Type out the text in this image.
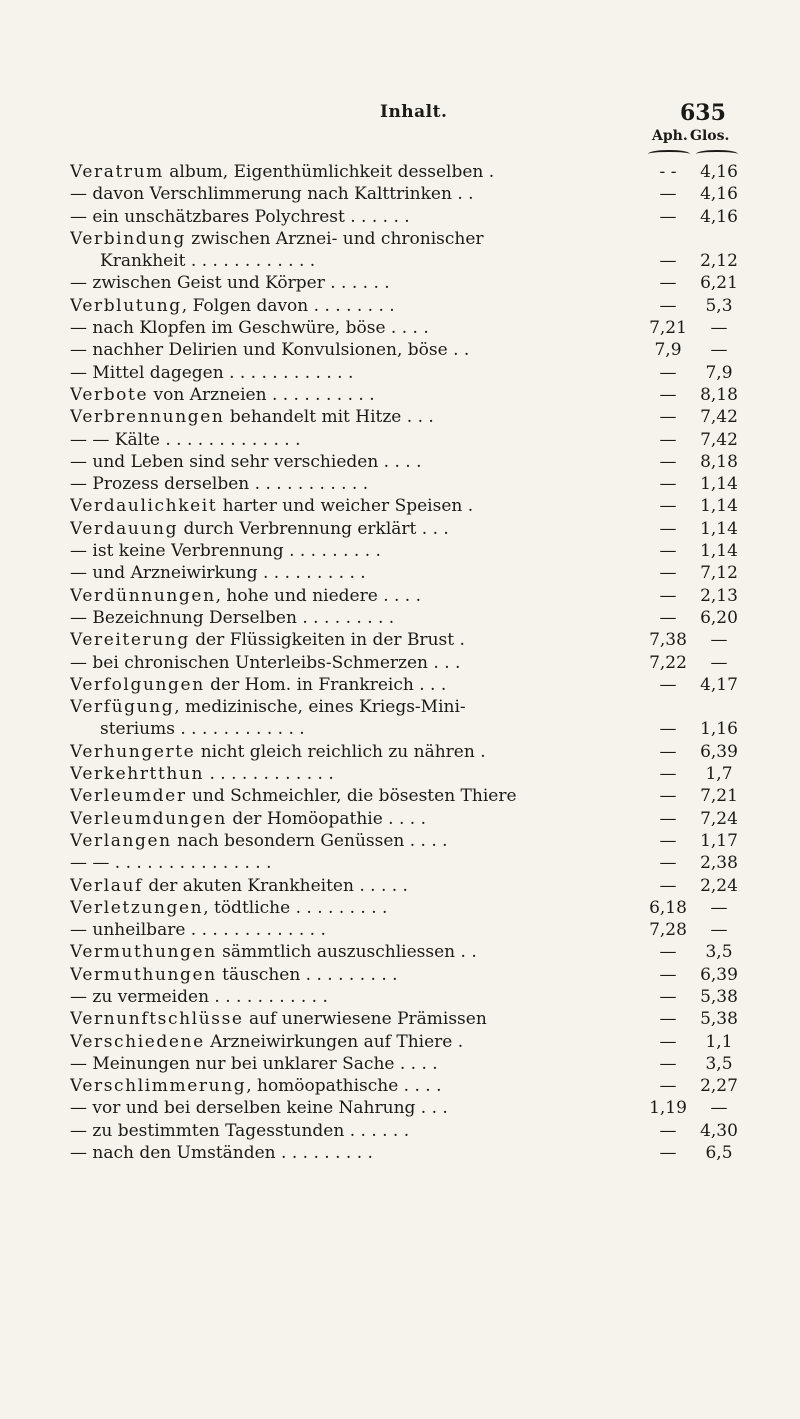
Inhalt.	635
Aph. Glos.
Veratrum album, Eigenthümlichkeit desselben .	- -	4,16
— davon Verschlimmerung nach Kalttrinken . .	—	4,16
— ein unschätzbares Polychrest . . . . . .	—	4,16
Verbindung zwischen Arznei- und chronischer
Krankheit . . . . . . . . . . . .	—	2,12
— zwischen Geist und Körper . . . . . .	—	6,21
Verblutung, Folgen davon . . . . . . . .	—	5,3
— nach Klopfen im Geschwüre, böse . . . .	7,21	—
— nachher Delirien und Konvulsionen, böse . .	7,9	—
— Mittel dagegen . . . . . . . . . . . .	—	7,9
Verbote von Arzneien . . . . . . . . . .	—	8,18
Verbrennungen behandelt mit Hitze . . .	—	7,42
— — Kälte . . . . . . . . . . . . .	—	7,42
— und Leben sind sehr verschieden . . . .	—	8,18
— Prozess derselben . . . . . . . . . . .	—	1,14
Verdaulichkeit harter und weicher Speisen .	—	1,14
Verdauung durch Verbrennung erklärt . . .	—	1,14
— ist keine Verbrennung . . . . . . . . .	—	1,14
— und Arzneiwirkung . . . . . . . . . .	—	7,12
Verdünnungen, hohe und niedere . . . .	—	2,13
— Bezeichnung Derselben . . . . . . . . .	—	6,20
Vereiterung der Flüssigkeiten in der Brust .	7,38	—
— bei chronischen Unterleibs-Schmerzen . . .	7,22	—
Verfolgungen der Hom. in Frankreich . . .	—	4,17
Verfügung, medizinische, eines Kriegs-Mini-
steriums . . . . . . . . . . . .	—	1,16
Verhungerte nicht gleich reichlich zu nähren .	—	6,39
Verkehrtthun . . . . . . . . . . . .	—	1,7
Verleumder und Schmeichler, die bösesten Thiere	—	7,21
Verleumdungen der Homöopathie . . . .	—	7,24
Verlangen nach besondern Genüssen . . . .	—	1,17
— — . . . . . . . . . . . . . . .	—	2,38
Verlauf der akuten Krankheiten . . . . .	—	2,24
Verletzungen, tödtliche . . . . . . . . .	6,18	—
— unheilbare . . . . . . . . . . . . .	7,28	—
Vermuthungen sämmtlich auszuschliessen . .	—	3,5
Vermuthungen täuschen . . . . . . . . .	—	6,39
— zu vermeiden . . . . . . . . . . .	—	5,38
Vernunftschlüsse auf unerwiesene Prämissen	—	5,38
Verschiedene Arzneiwirkungen auf Thiere .	—	1,1
— Meinungen nur bei unklarer Sache . . . .	—	3,5
Verschlimmerung, homöopathische . . . .	—	2,27
— vor und bei derselben keine Nahrung . . .	1,19	—
— zu bestimmten Tagesstunden . . . . . .	—	4,30
— nach den Umständen . . . . . . . . .	—	6,5
